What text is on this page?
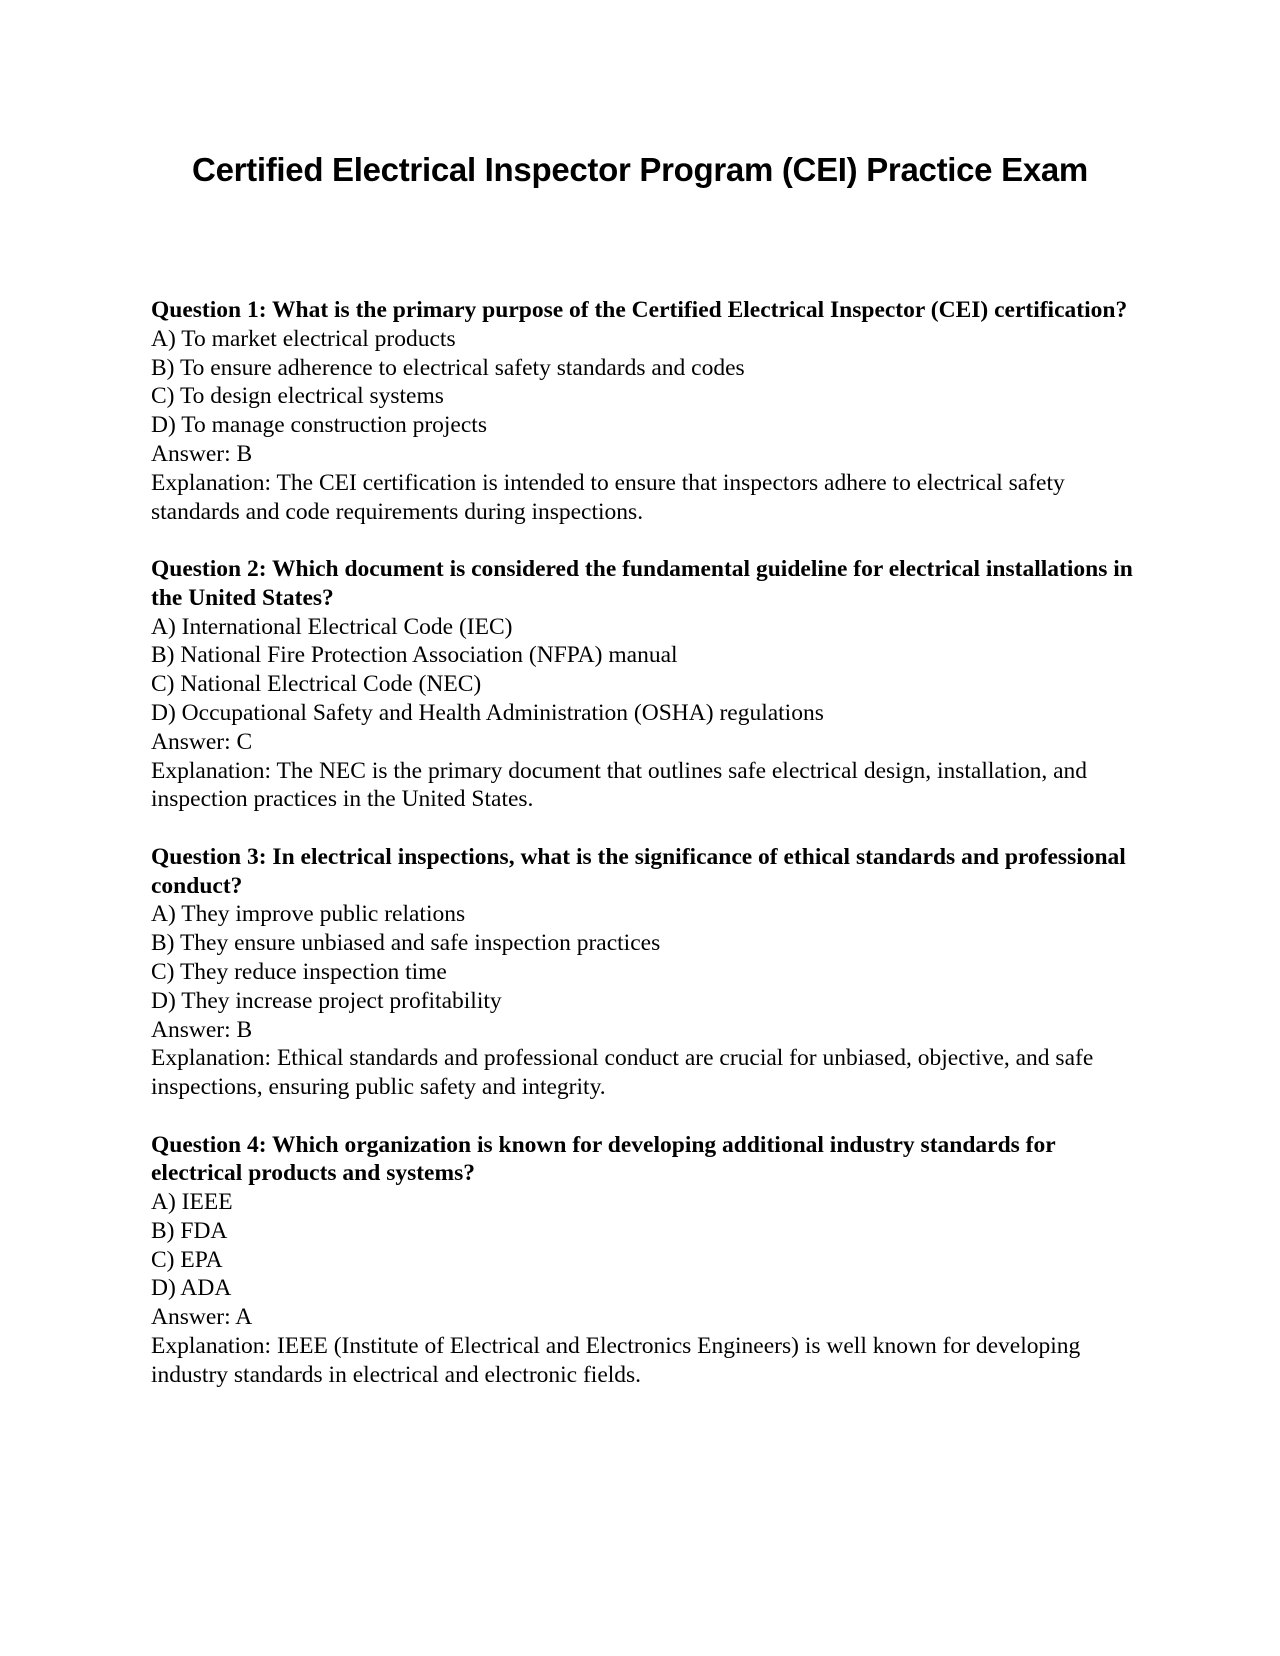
Certified Electrical Inspector Program (CEI) Practice Exam

Question 1: What is the primary purpose of the Certified Electrical Inspector (CEI) certification?

A) To market electrical products

B) To ensure adherence to electrical safety standards and codes

C) To design electrical systems

D) To manage construction projects

Answer: B

Explanation: The CEI certification is intended to ensure that inspectors adhere to electrical safety standards and code requirements during inspections.

Question 2: Which document is considered the fundamental guideline for electrical installations in the United States?

A) International Electrical Code (IEC)

B) National Fire Protection Association (NFPA) manual

C) National Electrical Code (NEC)

D) Occupational Safety and Health Administration (OSHA) regulations

Answer: C

Explanation: The NEC is the primary document that outlines safe electrical design, installation, and inspection practices in the United States.

Question 3: In electrical inspections, what is the significance of ethical standards and professional conduct?

A) They improve public relations

B) They ensure unbiased and safe inspection practices

C) They reduce inspection time

D) They increase project profitability

Answer: B

Explanation: Ethical standards and professional conduct are crucial for unbiased, objective, and safe inspections, ensuring public safety and integrity.

Question 4: Which organization is known for developing additional industry standards for electrical products and systems?

A) IEEE

B) FDA

C) EPA

D) ADA

Answer: A

Explanation: IEEE (Institute of Electrical and Electronics Engineers) is well known for developing industry standards in electrical and electronic fields.
